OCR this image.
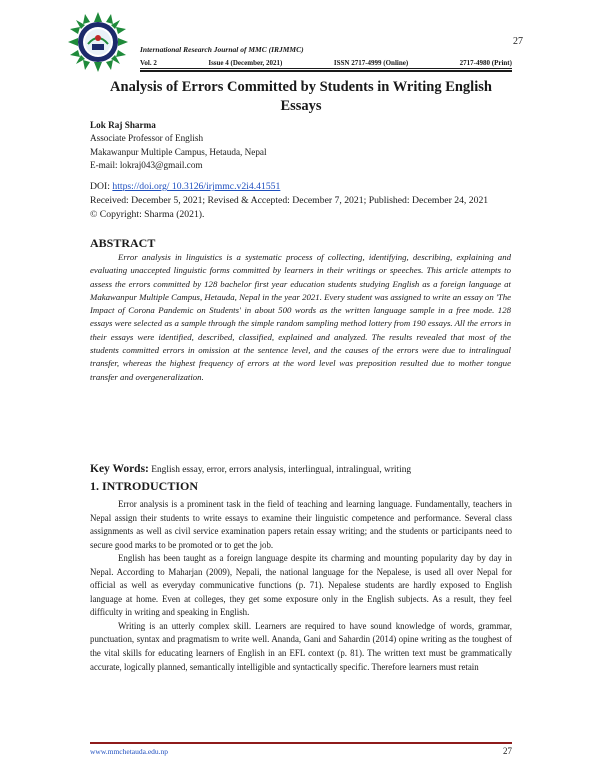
27
International Research Journal of MMC (IRJMMC)
Vol. 2	Issue 4 (December, 2021)	ISSN 2717-4999 (Online)	2717-4980 (Print)
Analysis of Errors Committed by Students in Writing English Essays
Lok Raj Sharma
Associate Professor of English
Makawanpur Multiple Campus, Hetauda, Nepal
E-mail: lokraj043@gmail.com
DOI: https://doi.org/ 10.3126/irjmmc.v2i4.41551
Received: December 5, 2021; Revised & Accepted: December 7, 2021; Published: December 24, 2021
© Copyright: Sharma (2021).
ABSTRACT
Error analysis in linguistics is a systematic process of collecting, identifying, describing, explaining and evaluating unaccepted linguistic forms committed by learners in their writings or speeches. This article attempts to assess the errors committed by 128 bachelor first year education students studying English as a foreign language at Makawanpur Multiple Campus, Hetauda, Nepal in the year 2021. Every student was assigned to write an essay on 'The Impact of Corona Pandemic on Students' in about 500 words as the written language sample in a free mode. 128 essays were selected as a sample through the simple random sampling method lottery from 190 essays. All the errors in their essays were identified, described, classified, explained and analyzed. The results revealed that most of the students committed errors in omission at the sentence level, and the causes of the errors were due to intralingual transfer, whereas the highest frequency of errors at the word level was preposition resulted due to mother tongue transfer and overgeneralization.
Key Words: English essay, error, errors analysis, interlingual, intralingual, writing
1. INTRODUCTION

Error analysis is a prominent task in the field of teaching and learning language. Fundamentally, teachers in Nepal assign their students to write essays to examine their linguistic competence and performance. Several class assignments as well as civil service examination papers retain essay writing; and the students or participants need to secure good marks to be promoted or to get the job.

English has been taught as a foreign language despite its charming and mounting popularity day by day in Nepal. According to Maharjan (2009), Nepali, the national language for the Nepalese, is used all over Nepal for official as well as everyday communicative functions (p. 71). Nepalese students are hardly exposed to English language at home. Even at colleges, they get some exposure only in the English subjects. As a result, they feel difficulty in writing and speaking in English.

Writing is an utterly complex skill. Learners are required to have sound knowledge of words, grammar, punctuation, syntax and pragmatism to write well. Ananda, Gani and Sahardin (2014) opine writing as the toughest of the vital skills for educating learners of English in an EFL context (p. 81). The written text must be grammatically accurate, logically planned, semantically intelligible and syntactically specific. Therefore learners must retain

www.mmchetauda.edu.np	27
